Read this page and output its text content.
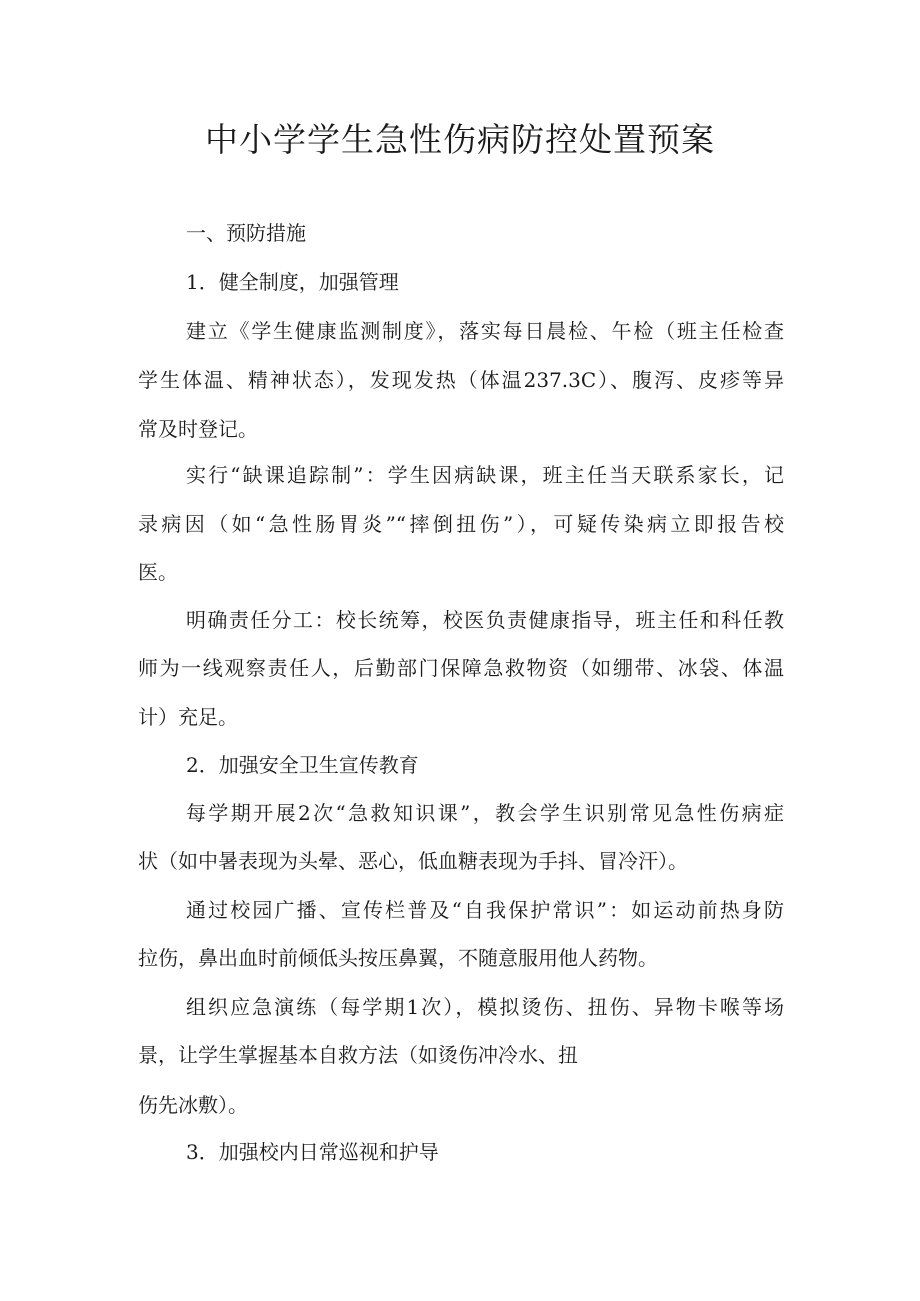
中小学学生急性伤病防控处置预案

一、预防措施

1．健全制度，加强管理

建立《学生健康监测制度》，落实每日晨检、午检（班主任检查

学生体温、精神状态），发现发热（体温237.3C）、腹泻、皮疹等异

常及时登记。

实行“缺课追踪制”：学生因病缺课，班主任当天联系家长，记

录病因（如“急性肠胃炎”“摔倒扭伤”），可疑传染病立即报告校

医。

明确责任分工：校长统筹，校医负责健康指导，班主任和科任教

师为一线观察责任人，后勤部门保障急救物资（如绷带、冰袋、体温

计）充足。

2．加强安全卫生宣传教育

每学期开展2次“急救知识课”，教会学生识别常见急性伤病症

状（如中暑表现为头晕、恶心，低血糖表现为手抖、冒冷汗）。

通过校园广播、宣传栏普及“自我保护常识”：如运动前热身防

拉伤，鼻出血时前倾低头按压鼻翼，不随意服用他人药物。

组织应急演练（每学期1次），模拟烫伤、扭伤、异物卡喉等场

景，让学生掌握基本自救方法（如烫伤冲冷水、扭

伤先冰敷）。

3．加强校内日常巡视和护导
